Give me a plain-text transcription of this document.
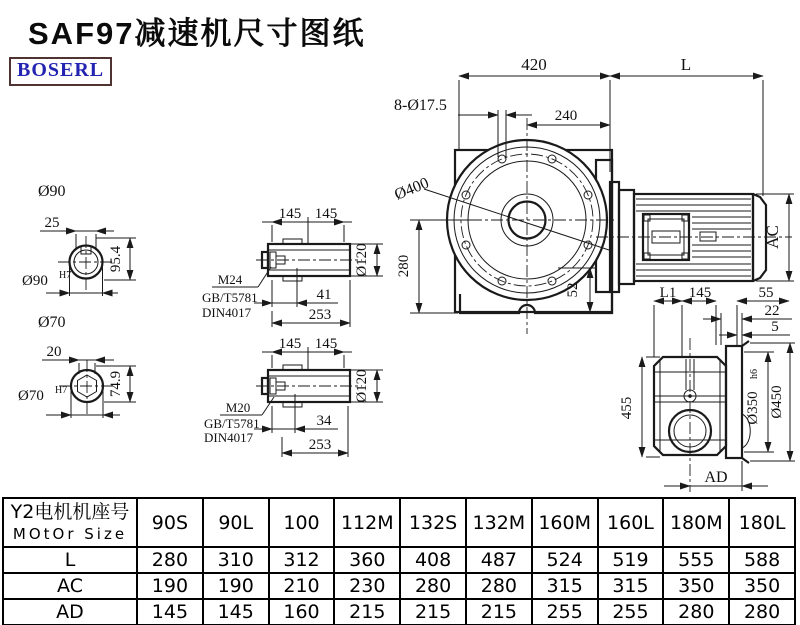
SAF97减速机尺寸图纸
BOSERL
Ø90
25
95.4
Ø90 H7
Ø70
20
74.9
Ø70 H7
145 145
Ø120
M24
GB/T5781
DIN4017
41
253
145 145
Ø120
M20
GB/T5781
DIN4017
34
253
Ø400
420	L
8-Ø17.5
240
280
52
AC
L1 145	55
22
5
455	Ø350
h6
Ø450
AD
Y2电机机座号
MOtOr Size	90S	90L	100	112M	132S	132M	160M	160L	180M	180L
L	280	310	312	360	408	487	524	519	555	588
AC	190	190	210	230	280	280	315	315	350	350
AD	145	145	160	215	215	215	255	255	280	280
